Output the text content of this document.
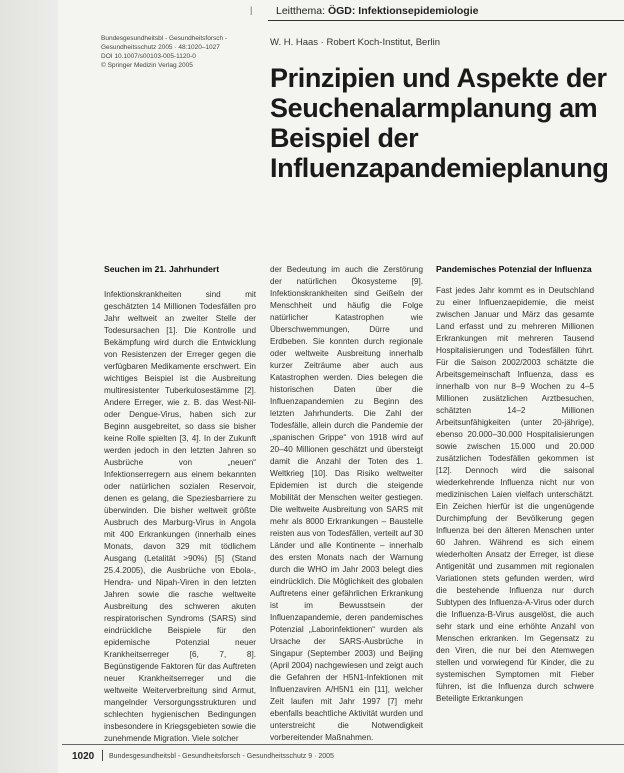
| Leitthema: ÖGD: Infektionsepidemiologie
Bundesgesundheitsbl - Gesundheitsforsch -
Gesundheitsschutz 2005 · 48:1020–1027
DOI 10.1007/s00103-005-1120-0
© Springer Medizin Verlag 2005
W. H. Haas · Robert Koch-Institut, Berlin
Prinzipien und Aspekte der Seuchenalarmplanung am Beispiel der Influenzapandemieplanung
Seuchen im 21. Jahrhundert

Infektionskrankheiten sind mit geschätzten 14 Millionen Todesfällen pro Jahr weltweit an zweiter Stelle der Todesursachen [1]. Die Kontrolle und Bekämpfung wird durch die Entwicklung von Resistenzen der Erreger gegen die verfügbaren Medikamente erschwert. Ein wichtiges Beispiel ist die Ausbreitung multiresistenter Tuberkulosestämme [2]. Andere Erreger, wie z. B. das West-Nil- oder Dengue-Virus, haben sich zur Beginn ausgebreitet, so dass sie bisher keine Rolle spielten [3, 4]. In der Zukunft werden jedoch in den letzten Jahren so Ausbrüche von „neuen“ Infektionserregern aus einem bekannten oder natürlichen sozialen Reservoir, denen es gelang, die Speziesbarriere zu überwinden. Die bisher weltweit größte Ausbruch des Marburg-Virus in Angola mit 400 Erkrankungen (innerhalb eines Monats, davon 329 mit tödlichem Ausgang (Letalität >90%) [5] (Stand 25.4.2005), die Ausbrüche von Ebola-, Hendra- und Nipah-Viren in den letzten Jahren sowie die rasche weltweite Ausbreitung des schweren akuten respiratorischen Syndroms (SARS) sind eindrückliche Beispiele für den epidemische Potenzial neuer Krankheitserreger [6, 7, 8]. Begünstigende Faktoren für das Auftreten neuer Krankheitserreger und die weltweite Weiterverbreitung sind Armut, mangelnder Versorgungsstrukturen und schlechten hygienischen Bedingungen insbesondere in Kriegsgebieten sowie die zunehmende Migration. Viele solcher

der Bedeutung im auch die Zerstörung der natürlichen Ökosysteme [9]. Infektionskrankheiten sind Geißeln der Menschheit und häufig die Folge natürlicher Katastrophen wie Überschwemmungen, Dürre und Erdbeben. Sie konnten durch regionale oder weltweite Ausbreitung innerhalb kurzer Zeiträume aber auch aus Katastrophen werden. Dies belegen die historischen Daten über die Influenzapandemien zu Beginn des letzten Jahrhunderts. Die Zahl der Todesfälle, allein durch die Pandemie der „spanischen Grippe“ von 1918 wird auf 20–40 Millionen geschätzt und übersteigt damit die Anzahl der Toten des 1. Weltkrieg [10]. Das Risiko weltweiter Epidemien ist durch die steigende Mobilität der Menschen weiter gestiegen. Die weltweite Ausbreitung von SARS mit mehr als 8000 Erkrankungen – Baustelle reisten aus von Todesfällen, verteilt auf 30 Länder und alle Kontinente – innerhalb des ersten Monats nach der Warnung durch die WHO im Jahr 2003 belegt dies eindrücklich. Die Möglichkeit des globalen Auftretens einer gefährlichen Erkrankung ist im Bewusstsein der Influenzapandemie, deren pandemisches Potenzial „Laborinfektionen“ wurden als Ursache der SARS-Ausbrüche in Singapur (September 2003) und Beijing (April 2004) nachgewiesen und zeigt auch die Gefahren der H5N1-Infektionen mit Influenzaviren A/H5N1 ein [11], welcher Zeit laufen mit Jahr 1997 [7] mehr ebenfalls beachtliche Aktivität wurden und unterstreicht die Notwendigkeit vorbereitender Maßnahmen.

Pandemisches Potenzial der Influenza

Fast jedes Jahr kommt es in Deutschland zu einer Influenzaepidemie, die meist zwischen Januar und März das gesamte Land erfasst und zu mehreren Millionen Erkrankungen mit mehreren Tausend Hospitalisierungen und Todesfällen führt. Für die Saison 2002/2003 schätzte die Arbeitsgemeinschaft Influenza, dass es innerhalb von nur 8–9 Wochen zu 4–5 Millionen zusätzlichen Arztbesuchen, schätzten 14–2 Millionen Arbeitsunfähigkeiten (unter 20-jährige), ebenso 20.000–30.000 Hospitalisierungen sowie zwischen 15.000 und 20.000 zusätzlichen Todesfällen gekommen ist [12]. Dennoch wird die saisonal wiederkehrende Influenza nicht nur von medizinischen Laien vielfach unterschätzt. Ein Zeichen hierfür ist die ungenügende Durchimpfung der Bevölkerung gegen Influenza bei den älteren Menschen unter 60 Jahren. Während es sich einem wiederholten Ansatz der Erreger, ist diese Antigenität und zusammen mit regionalen Variationen stets gefunden werden, wird die bestehende Influenza nur durch Subtypen des Influenza-A-Virus oder durch die Influenza-B-Virus ausgelöst, die auch sehr stark und eine erhöhte Anzahl von Menschen erkranken. Im Gegensatz zu den Viren, die nur bei den Atemwegen stellen und vorwiegend für Kinder, die zu systemischen Symptomen mit Fieber führen, ist die Influenza durch schwere Beteiligte Erkrankungen

1020 Bundesgesundheitsbl - Gesundheitsforsch - Gesundheitsschutz 9 · 2005
